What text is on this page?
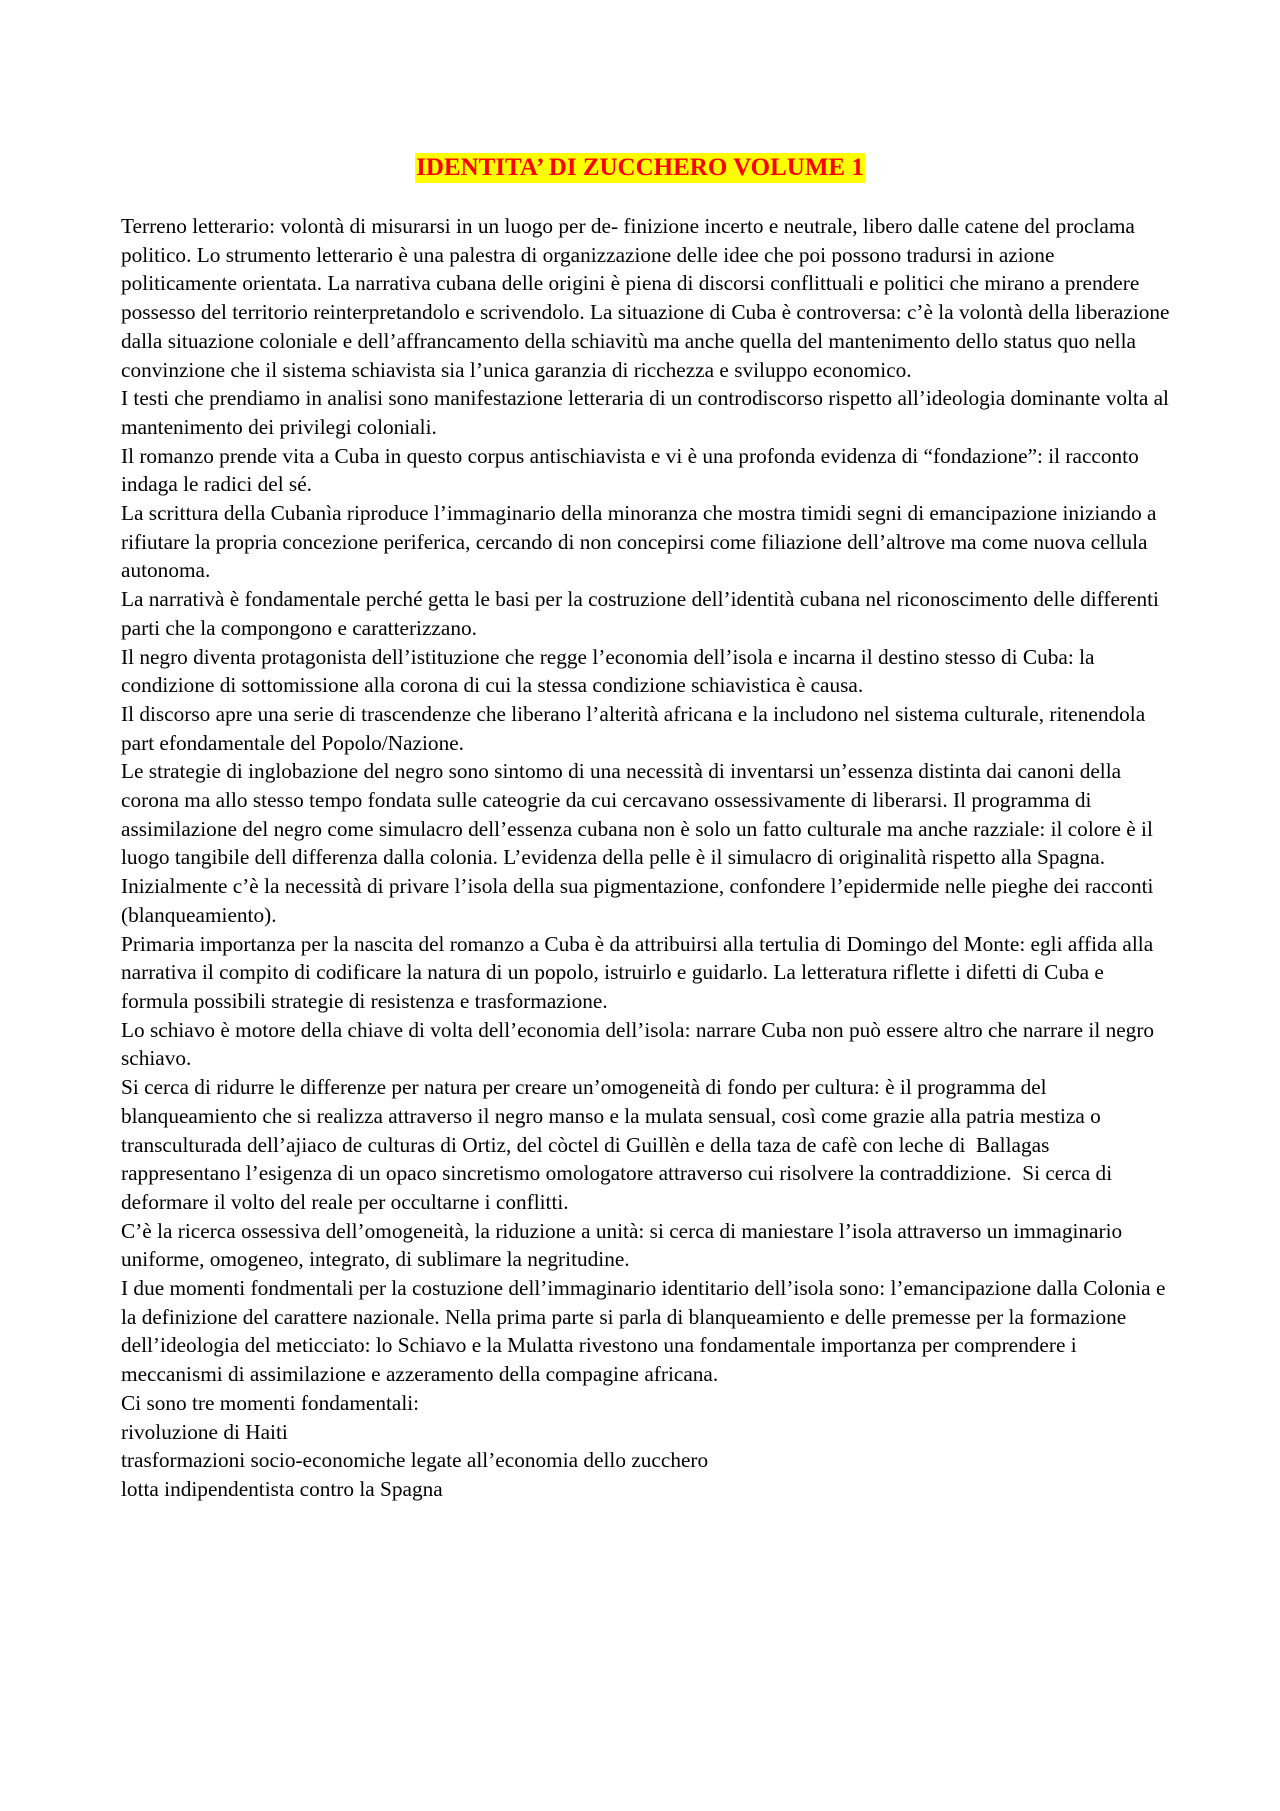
IDENTITA’ DI ZUCCHERO VOLUME 1

Terreno letterario: volontà di misurarsi in un luogo per de- finizione incerto e neutrale, libero dalle catene del proclama politico. Lo strumento letterario è una palestra di organizzazione delle idee che poi possono tradursi in azione politicamente orientata. La narrativa cubana delle origini è piena di discorsi conflittuali e politici che mirano a prendere possesso del territorio reinterpretandolo e scrivendolo. La situazione di Cuba è controversa: c’è la volontà della liberazione dalla situazione coloniale e dell’affrancamento della schiavitù ma anche quella del mantenimento dello status quo nella convinzione che il sistema schiavista sia l’unica garanzia di ricchezza e sviluppo economico.

I testi che prendiamo in analisi sono manifestazione letteraria di un controdiscorso rispetto all’ideologia dominante volta al mantenimento dei privilegi coloniali.

Il romanzo prende vita a Cuba in questo corpus antischiavista e vi è una profonda evidenza di “fondazione”: il racconto indaga le radici del sé.

La scrittura della Cubanìa riproduce l’immaginario della minoranza che mostra timidi segni di emancipazione iniziando a rifiutare la propria concezione periferica, cercando di non concepirsi come filiazione dell’altrove ma come nuova cellula autonoma.

La narrativà è fondamentale perché getta le basi per la costruzione dell’identità cubana nel riconoscimento delle differenti parti che la compongono e caratterizzano.

Il negro diventa protagonista dell’istituzione che regge l’economia dell’isola e incarna il destino stesso di Cuba: la condizione di sottomissione alla corona di cui la stessa condizione schiavistica è causa.

Il discorso apre una serie di trascendenze che liberano l’alterità africana e la includono nel sistema culturale, ritenendola part efondamentale del Popolo/Nazione.

Le strategie di inglobazione del negro sono sintomo di una necessità di inventarsi un’essenza distinta dai canoni della corona ma allo stesso tempo fondata sulle cateogrie da cui cercavano ossessivamente di liberarsi. Il programma di assimilazione del negro come simulacro dell’essenza cubana non è solo un fatto culturale ma anche razziale: il colore è il luogo tangibile dell differenza dalla colonia. L’evidenza della pelle è il simulacro di originalità rispetto alla Spagna. Inizialmente c’è la necessità di privare l’isola della sua pigmentazione, confondere l’epidermide nelle pieghe dei racconti (blanqueamiento).

Primaria importanza per la nascita del romanzo a Cuba è da attribuirsi alla tertulia di Domingo del Monte: egli affida alla narrativa il compito di codificare la natura di un popolo, istruirlo e guidarlo. La letteratura riflette i difetti di Cuba e formula possibili strategie di resistenza e trasformazione.

Lo schiavo è motore della chiave di volta dell’economia dell’isola: narrare Cuba non può essere altro che narrare il negro schiavo.

Si cerca di ridurre le differenze per natura per creare un’omogeneità di fondo per cultura: è il programma del blanqueamiento che si realizza attraverso il negro manso e la mulata sensual, così come grazie alla patria mestiza o transculturada dell’ajiaco de culturas di Ortiz, del còctel di Guillèn e della taza de cafè con leche di  Ballagas  rappresentano l’esigenza di un opaco sincretismo omologatore attraverso cui risolvere la contraddizione.  Si cerca di deformare il volto del reale per occultarne i conflitti.

C’è la ricerca ossessiva dell’omogeneità, la riduzione a unità: si cerca di maniestare l’isola attraverso un immaginario uniforme, omogeneo, integrato, di sublimare la negritudine.

I due momenti fondmentali per la costuzione dell’immaginario identitario dell’isola sono: l’emancipazione dalla Colonia e la definizione del carattere nazionale. Nella prima parte si parla di blanqueamiento e delle premesse per la formazione dell’ideologia del meticciato: lo Schiavo e la Mulatta rivestono una fondamentale importanza per comprendere i meccanismi di assimilazione e azzeramento della compagine africana.

Ci sono tre momenti fondamentali:

rivoluzione di Haiti

trasformazioni socio-economiche legate all’economia dello zucchero

lotta indipendentista contro la Spagna
